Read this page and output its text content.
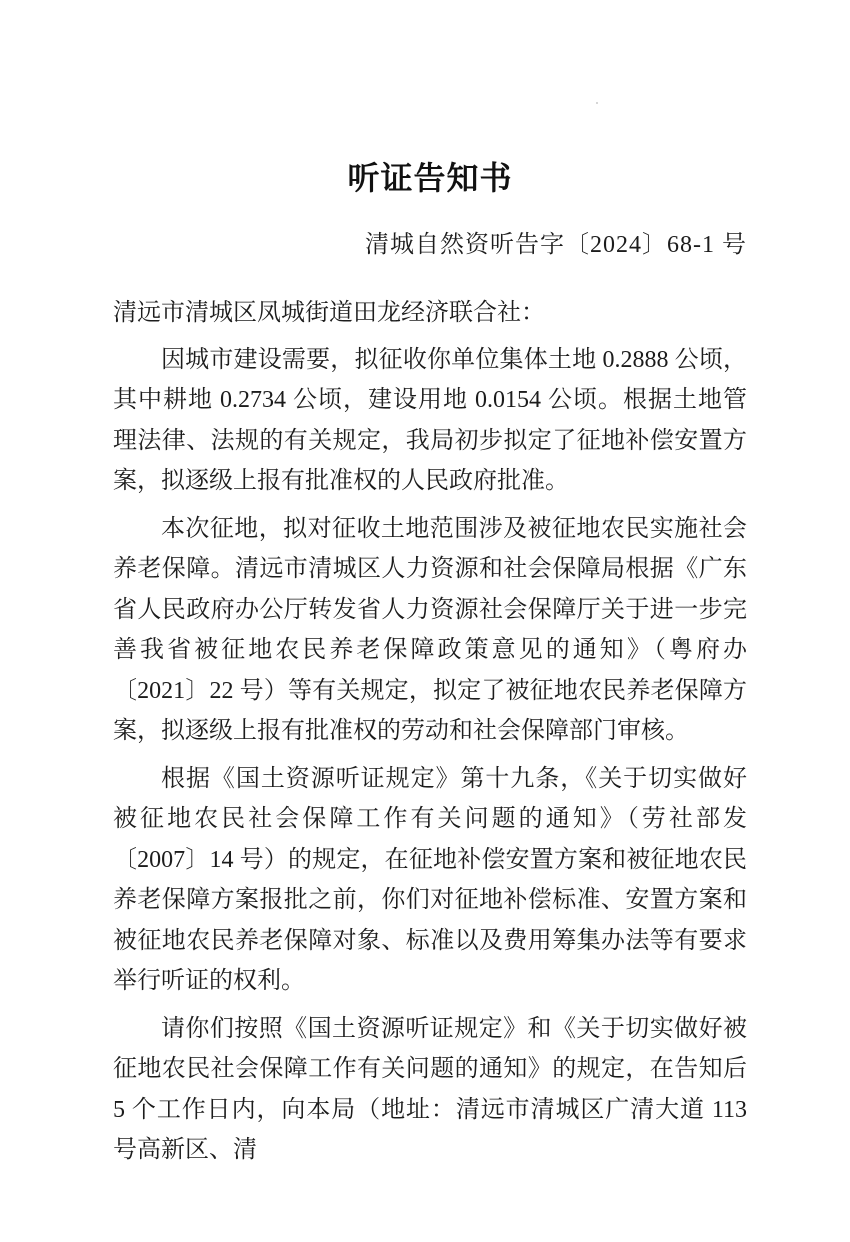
听证告知书
清城自然资听告字〔2024〕68-1 号
清远市清城区凤城街道田龙经济联合社：

因城市建设需要，拟征收你单位集体土地 0.2888 公顷，其中耕地 0.2734 公顷，建设用地 0.0154 公顷。根据土地管理法律、法规的有关规定，我局初步拟定了征地补偿安置方案，拟逐级上报有批准权的人民政府批准。

本次征地，拟对征收土地范围涉及被征地农民实施社会养老保障。清远市清城区人力资源和社会保障局根据《广东省人民政府办公厅转发省人力资源社会保障厅关于进一步完善我省被征地农民养老保障政策意见的通知》（粤府办〔2021〕22 号）等有关规定，拟定了被征地农民养老保障方案，拟逐级上报有批准权的劳动和社会保障部门审核。

根据《国土资源听证规定》第十九条，《关于切实做好被征地农民社会保障工作有关问题的通知》（劳社部发〔2007〕14 号）的规定，在征地补偿安置方案和被征地农民养老保障方案报批之前，你们对征地补偿标准、安置方案和被征地农民养老保障对象、标准以及费用筹集办法等有要求举行听证的权利。

请你们按照《国土资源听证规定》和《关于切实做好被征地农民社会保障工作有关问题的通知》的规定，在告知后 5 个工作日内，向本局（地址：清远市清城区广清大道 113 号高新区、清
